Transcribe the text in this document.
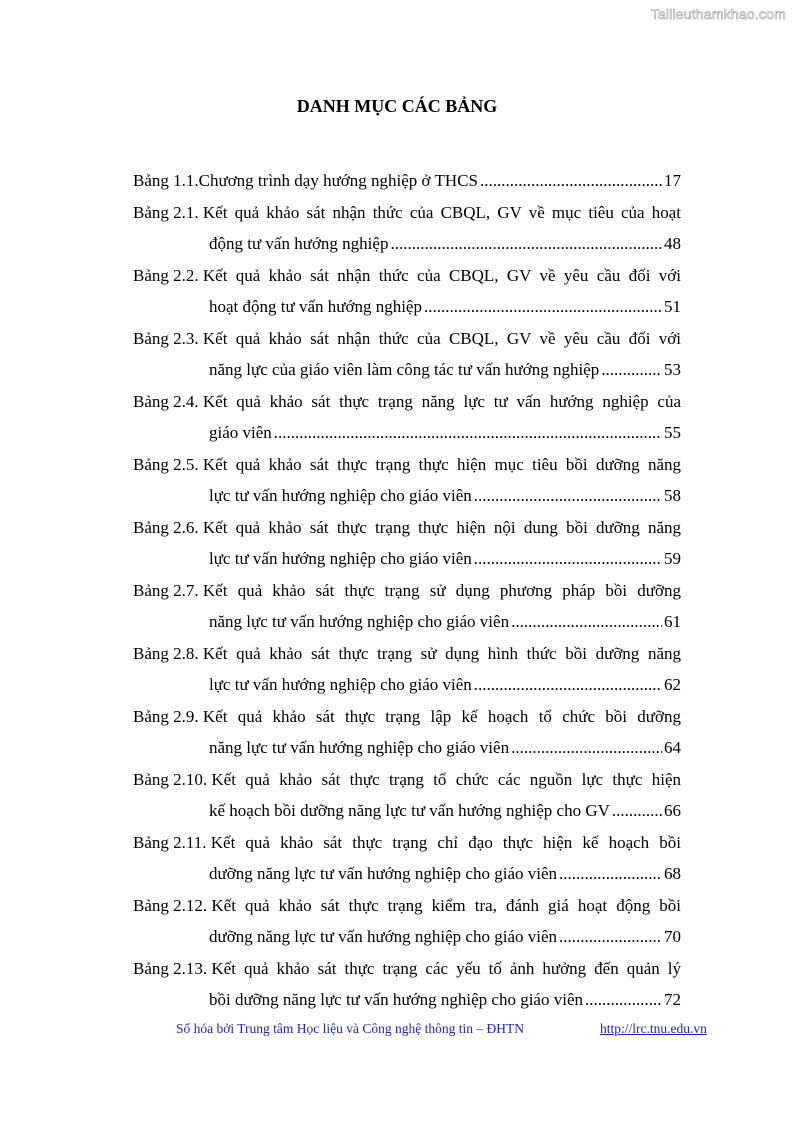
Tailieuthamkhao.com
DANH MỤC CÁC BẢNG
Bảng 1.1. Chương trình dạy hướng nghiệp ở THCS .....	17
Bảng 2.1.
Kết quả khảo sát nhận thức của CBQL, GV về mục tiêu của hoạt
động tư vấn hướng nghiệp .....	48
Bảng 2.2.
Kết quả khảo sát nhận thức của CBQL, GV về yêu cầu đối với
hoạt động tư vấn hướng nghiệp .....	51
Bảng 2.3.
Kết quả khảo sát nhận thức của CBQL, GV về yêu cầu đối với
năng lực của giáo viên làm công tác tư vấn hướng nghiệp .....	53
Bảng 2.4.
Kết quả khảo sát thực trạng năng lực tư vấn hướng nghiệp của
giáo viên .....	55
Bảng 2.5.
Kết quả khảo sát thực trạng thực hiện mục tiêu bồi dưỡng năng
lực tư vấn hướng nghiệp cho giáo viên .....	58
Bảng 2.6.
Kết quả khảo sát thực trạng thực hiện nội dung bồi dưỡng năng
lực tư vấn hướng nghiệp cho giáo viên .....	59
Bảng 2.7.
Kết quả khảo sát thực trạng sử dụng phương pháp bồi dưỡng
năng lực tư vấn hướng nghiệp cho giáo viên .....	61
Bảng 2.8.
Kết quả khảo sát thực trạng sử dụng hình thức bồi dưỡng năng
lực tư vấn hướng nghiệp cho giáo viên .....	62
Bảng 2.9.
Kết quả khảo sát thực trạng lập kế hoạch tổ chức bồi dưỡng
năng lực tư vấn hướng nghiệp cho giáo viên .....	64
Bảng 2.10.
Kết quả khảo sát thực trạng tổ chức các nguồn lực thực hiện
kế hoạch bồi dưỡng năng lực tư vấn hướng nghiệp cho GV .....	66
Bảng 2.11.
Kết quả khảo sát thực trạng chỉ đạo thực hiện kế hoạch bồi
dưỡng năng lực tư vấn hướng nghiệp cho giáo viên .....	68
Bảng 2.12.
Kết quả khảo sát thực trạng kiểm tra, đánh giá hoạt động bồi
dưỡng năng lực tư vấn hướng nghiệp cho giáo viên .....	70
Bảng 2.13.
Kết quả khảo sát thực trạng các yếu tố ảnh hưởng đến quản lý
bồi dưỡng năng lực tư vấn hướng nghiệp cho giáo viên .....	72
Số hóa bởi Trung tâm Học liệu và Công nghệ thông tin – ĐHTN	http://lrc.tnu.edu.vn
